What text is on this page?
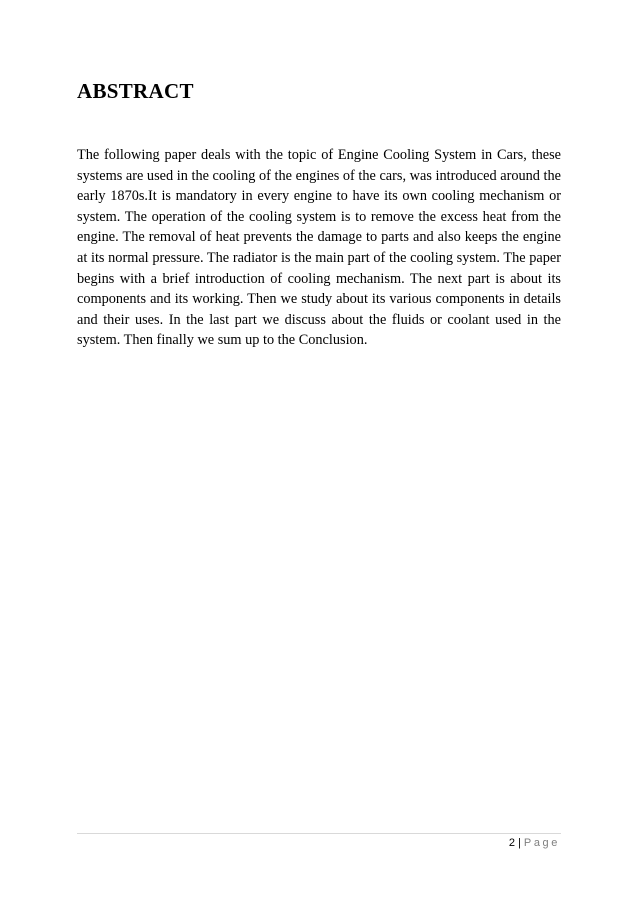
ABSTRACT

The following paper deals with the topic of Engine Cooling System in Cars, these systems are used in the cooling of the engines of the cars, was introduced around the early 1870s.It is mandatory in every engine to have its own cooling mechanism or system. The operation of the cooling system is to remove the excess heat from the engine. The removal of heat prevents the damage to parts and also keeps the engine at its normal pressure. The radiator is the main part of the cooling system. The paper begins with a brief introduction of cooling mechanism. The next part is about its components and its working. Then we study about its various components in details and their uses. In the last part we discuss about the fluids or coolant used in the system. Then finally we sum up to the Conclusion.

2 | Page
